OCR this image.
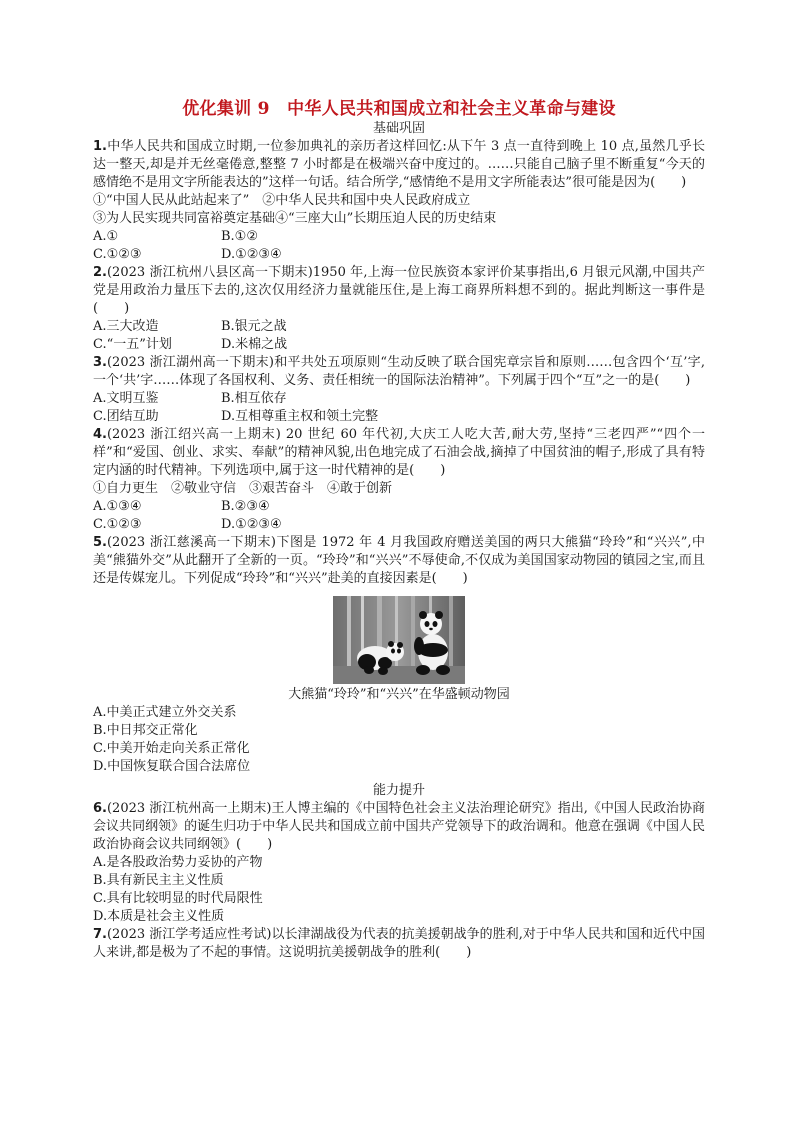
优化集训 9　中华人民共和国成立和社会主义革命与建设

基础巩固

1.中华人民共和国成立时期,一位参加典礼的亲历者这样回忆:从下午 3 点一直待到晚上 10 点,虽然几乎长达一整天,却是并无丝毫倦意,整整 7 小时都是在极端兴奋中度过的。……只能自己脑子里不断重复“今天的感情绝不是用文字所能表达的”这样一句话。结合所学,“感情绝不是用文字所能表达”很可能是因为(　　)

①“中国人民从此站起来了”　②中华人民共和国中央人民政府成立

③为人民实现共同富裕奠定基础④“三座大山”长期压迫人民的历史结束

A.①	B.①②
C.①②③	D.①②③④

2.(2023 浙江杭州八县区高一下期末)1950 年,上海一位民族资本家评价某事指出,6 月银元风潮,中国共产党是用政治力量压下去的,这次仅用经济力量就能压住,是上海工商界所料想不到的。据此判断这一事件是(　　)

A.三大改造	B.银元之战
C.“一五”计划	D.米棉之战

3.(2023 浙江湖州高一下期末)和平共处五项原则“生动反映了联合国宪章宗旨和原则……包含四个‘互’字,一个‘共’字……体现了各国权利、义务、责任相统一的国际法治精神”。下列属于四个“互”之一的是(　　)

A.文明互鉴	B.相互依存
C.团结互助	D.互相尊重主权和领土完整

4.(2023 浙江绍兴高一上期末) 20 世纪 60 年代初,大庆工人吃大苦,耐大劳,坚持“三老四严”“四个一样”和“爱国、创业、求实、奉献”的精神风貌,出色地完成了石油会战,摘掉了中国贫油的帽子,形成了具有特定内涵的时代精神。下列选项中,属于这一时代精神的是(　　)

①自力更生　②敬业守信　③艰苦奋斗　④敢于创新

A.①③④	B.②③④
C.①②③	D.①②③④

5.(2023 浙江慈溪高一下期末)下图是 1972 年 4 月我国政府赠送美国的两只大熊猫“玲玲”和“兴兴”,中美“熊猫外交”从此翻开了全新的一页。“玲玲”和“兴兴”不辱使命,不仅成为美国国家动物园的镇园之宝,而且还是传媒宠儿。下列促成“玲玲”和“兴兴”赴美的直接因素是(　　)

大熊猫“玲玲”和“兴兴”在华盛顿动物园

A.中美正式建立外交关系

B.中日邦交正常化

C.中美开始走向关系正常化

D.中国恢复联合国合法席位

能力提升

6.(2023 浙江杭州高一上期末)王人博主编的《中国特色社会主义法治理论研究》指出,《中国人民政治协商会议共同纲领》的诞生归功于中华人民共和国成立前中国共产党领导下的政治调和。他意在强调《中国人民政治协商会议共同纲领》(　　)

A.是各股政治势力妥协的产物

B.具有新民主主义性质

C.具有比较明显的时代局限性

D.本质是社会主义性质

7.(2023 浙江学考适应性考试)以长津湖战役为代表的抗美援朝战争的胜利,对于中华人民共和国和近代中国人来讲,都是极为了不起的事情。这说明抗美援朝战争的胜利(　　)
